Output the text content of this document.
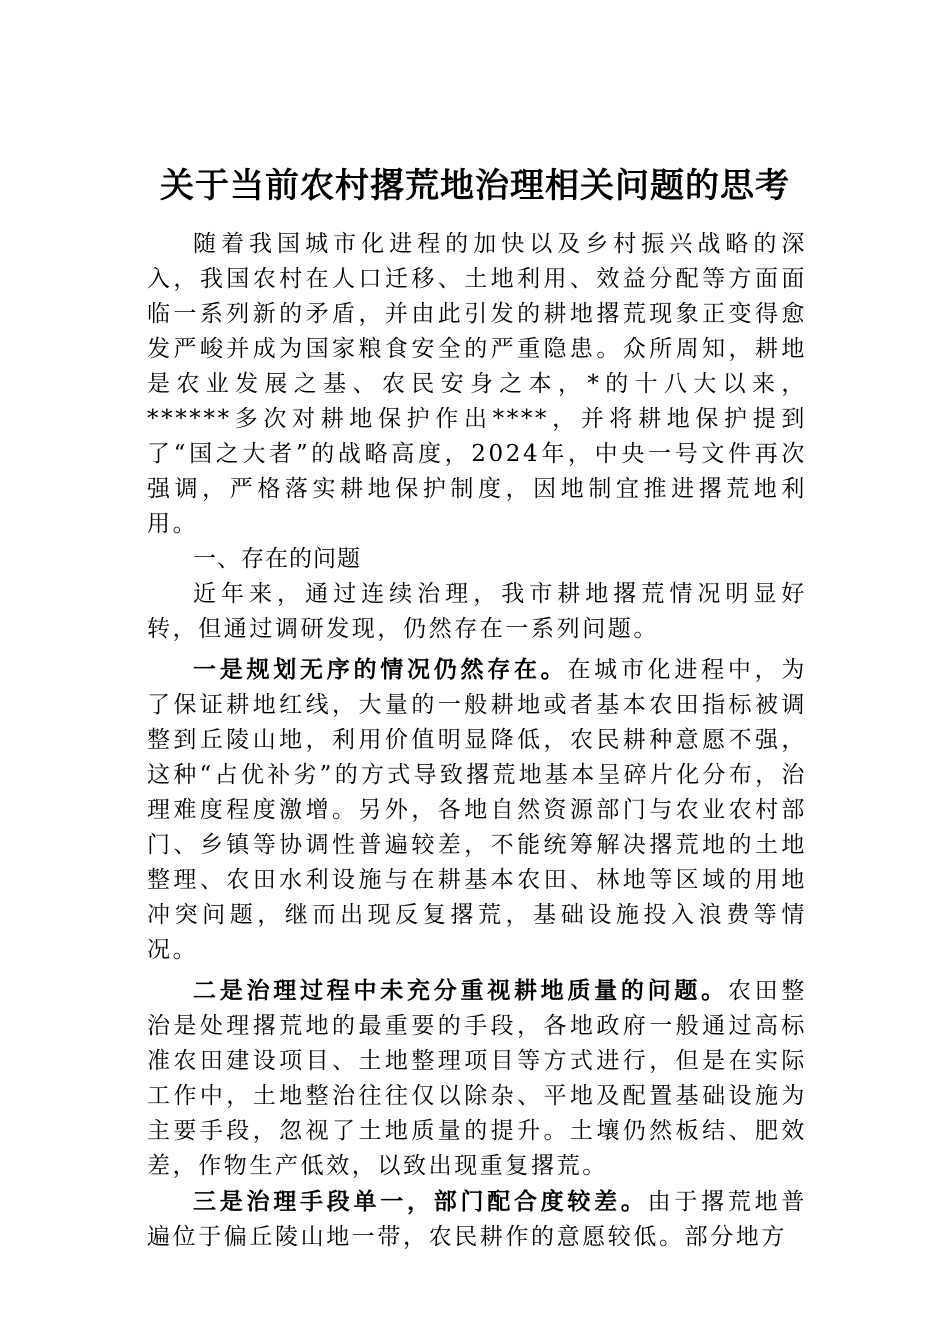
关于当前农村撂荒地治理相关问题的思考

随着我国城市化进程的加快以及乡村振兴战略的深入，我国农村在人口迁移、土地利用、效益分配等方面面临一系列新的矛盾，并由此引发的耕地撂荒现象正变得愈发严峻并成为国家粮食安全的严重隐患。众所周知，耕地是农业发展之基、农民安身之本，*的十八大以来，******多次对耕地保护作出****，并将耕地保护提到了“国之大者”的战略高度，2024年，中央一号文件再次强调，严格落实耕地保护制度，因地制宜推进撂荒地利用。

一、存在的问题

近年来，通过连续治理，我市耕地撂荒情况明显好转，但通过调研发现，仍然存在一系列问题。

一是规划无序的情况仍然存在。在城市化进程中，为了保证耕地红线，大量的一般耕地或者基本农田指标被调整到丘陵山地，利用价值明显降低，农民耕种意愿不强，这种“占优补劣”的方式导致撂荒地基本呈碎片化分布，治理难度程度激增。另外，各地自然资源部门与农业农村部门、乡镇等协调性普遍较差，不能统筹解决撂荒地的土地整理、农田水利设施与在耕基本农田、林地等区域的用地冲突问题，继而出现反复撂荒，基础设施投入浪费等情况。

二是治理过程中未充分重视耕地质量的问题。农田整治是处理撂荒地的最重要的手段，各地政府一般通过高标准农田建设项目、土地整理项目等方式进行，但是在实际工作中，土地整治往往仅以除杂、平地及配置基础设施为主要手段，忽视了土地质量的提升。土壤仍然板结、肥效差，作物生产低效，以致出现重复撂荒。

三是治理手段单一，部门配合度较差。由于撂荒地普遍位于偏丘陵山地一带，农民耕作的意愿较低。部分地方
